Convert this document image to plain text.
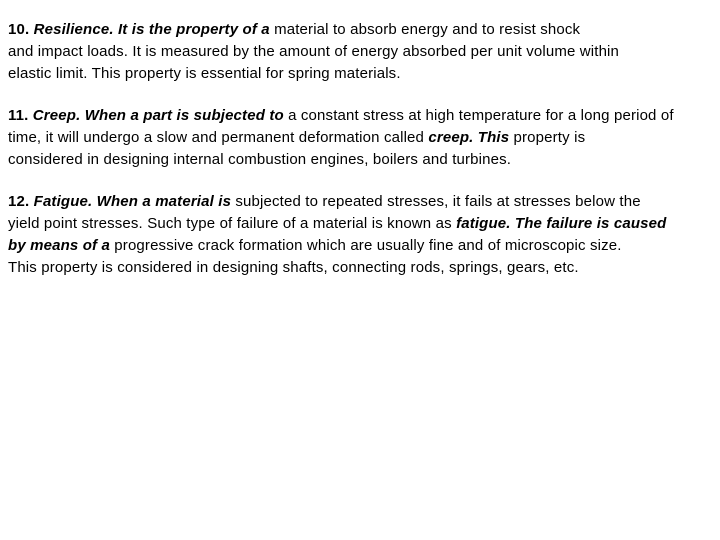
10. Resilience. It is the property of a material to absorb energy and to resist shock
and impact loads. It is measured by the amount of energy absorbed per unit volume within
elastic limit. This property is essential for spring materials.

11. Creep. When a part is subjected to a constant stress at high temperature for a long period of
time, it will undergo a slow and permanent deformation called creep. This property is
considered in designing internal combustion engines, boilers and turbines.

12. Fatigue. When a material is subjected to repeated stresses, it fails at stresses below the
yield point stresses. Such type of failure of a material is known as fatigue. The failure is caused
by means of a progressive crack formation which are usually fine and of microscopic size.
This property is considered in designing shafts, connecting rods, springs, gears, etc.
